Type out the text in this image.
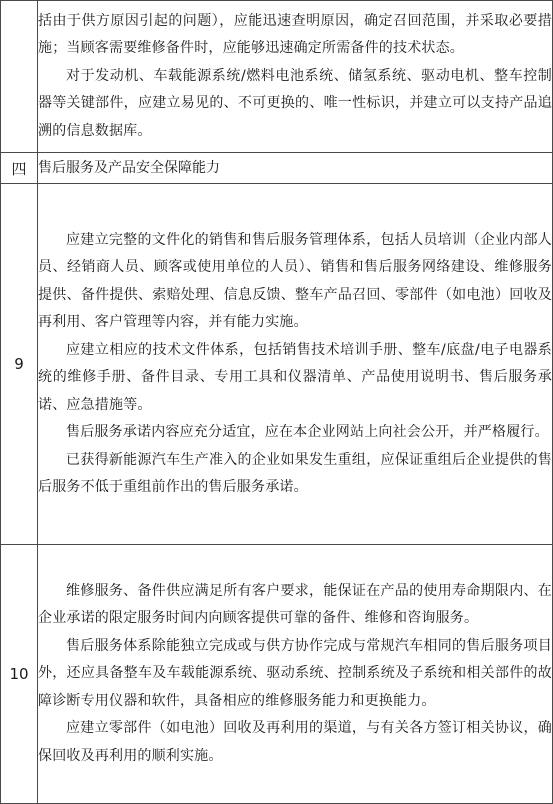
	括由于供方原因引起的问题），应能迅速查明原因，确定召回范围，并采取必要措施；当顾客需要维修备件时，应能够迅速确定所需备件的技术状态。

对于发动机、车载能源系统/燃料电池系统、储氢系统、驱动电机、整车控制器等关键部件，应建立易见的、不可更换的、唯一性标识，并建立可以支持产品追溯的信息数据库。

四	售后服务及产品安全保障能力
9	应建立完整的文件化的销售和售后服务管理体系，包括人员培训（企业内部人员、经销商人员、顾客或使用单位的人员）、销售和售后服务网络建设、维修服务提供、备件提供、索赔处理、信息反馈、整车产品召回、零部件（如电池）回收及再利用、客户管理等内容，并有能力实施。

应建立相应的技术文件体系，包括销售技术培训手册、整车/底盘/电子电器系统的维修手册、备件目录、专用工具和仪器清单、产品使用说明书、售后服务承诺、应急措施等。

售后服务承诺内容应充分适宜，应在本企业网站上向社会公开，并严格履行。

已获得新能源汽车生产准入的企业如果发生重组，应保证重组后企业提供的售后服务不低于重组前作出的售后服务承诺。

10	维修服务、备件供应满足所有客户要求，能保证在产品的使用寿命期限内、在企业承诺的限定服务时间内向顾客提供可靠的备件、维修和咨询服务。

售后服务体系除能独立完成或与供方协作完成与常规汽车相同的售后服务项目外，还应具备整车及车载能源系统、驱动系统、控制系统及子系统和相关部件的故障诊断专用仪器和软件，具备相应的维修服务能力和更换能力。

应建立零部件（如电池）回收及再利用的渠道，与有关各方签订相关协议，确保回收及再利用的顺利实施。
